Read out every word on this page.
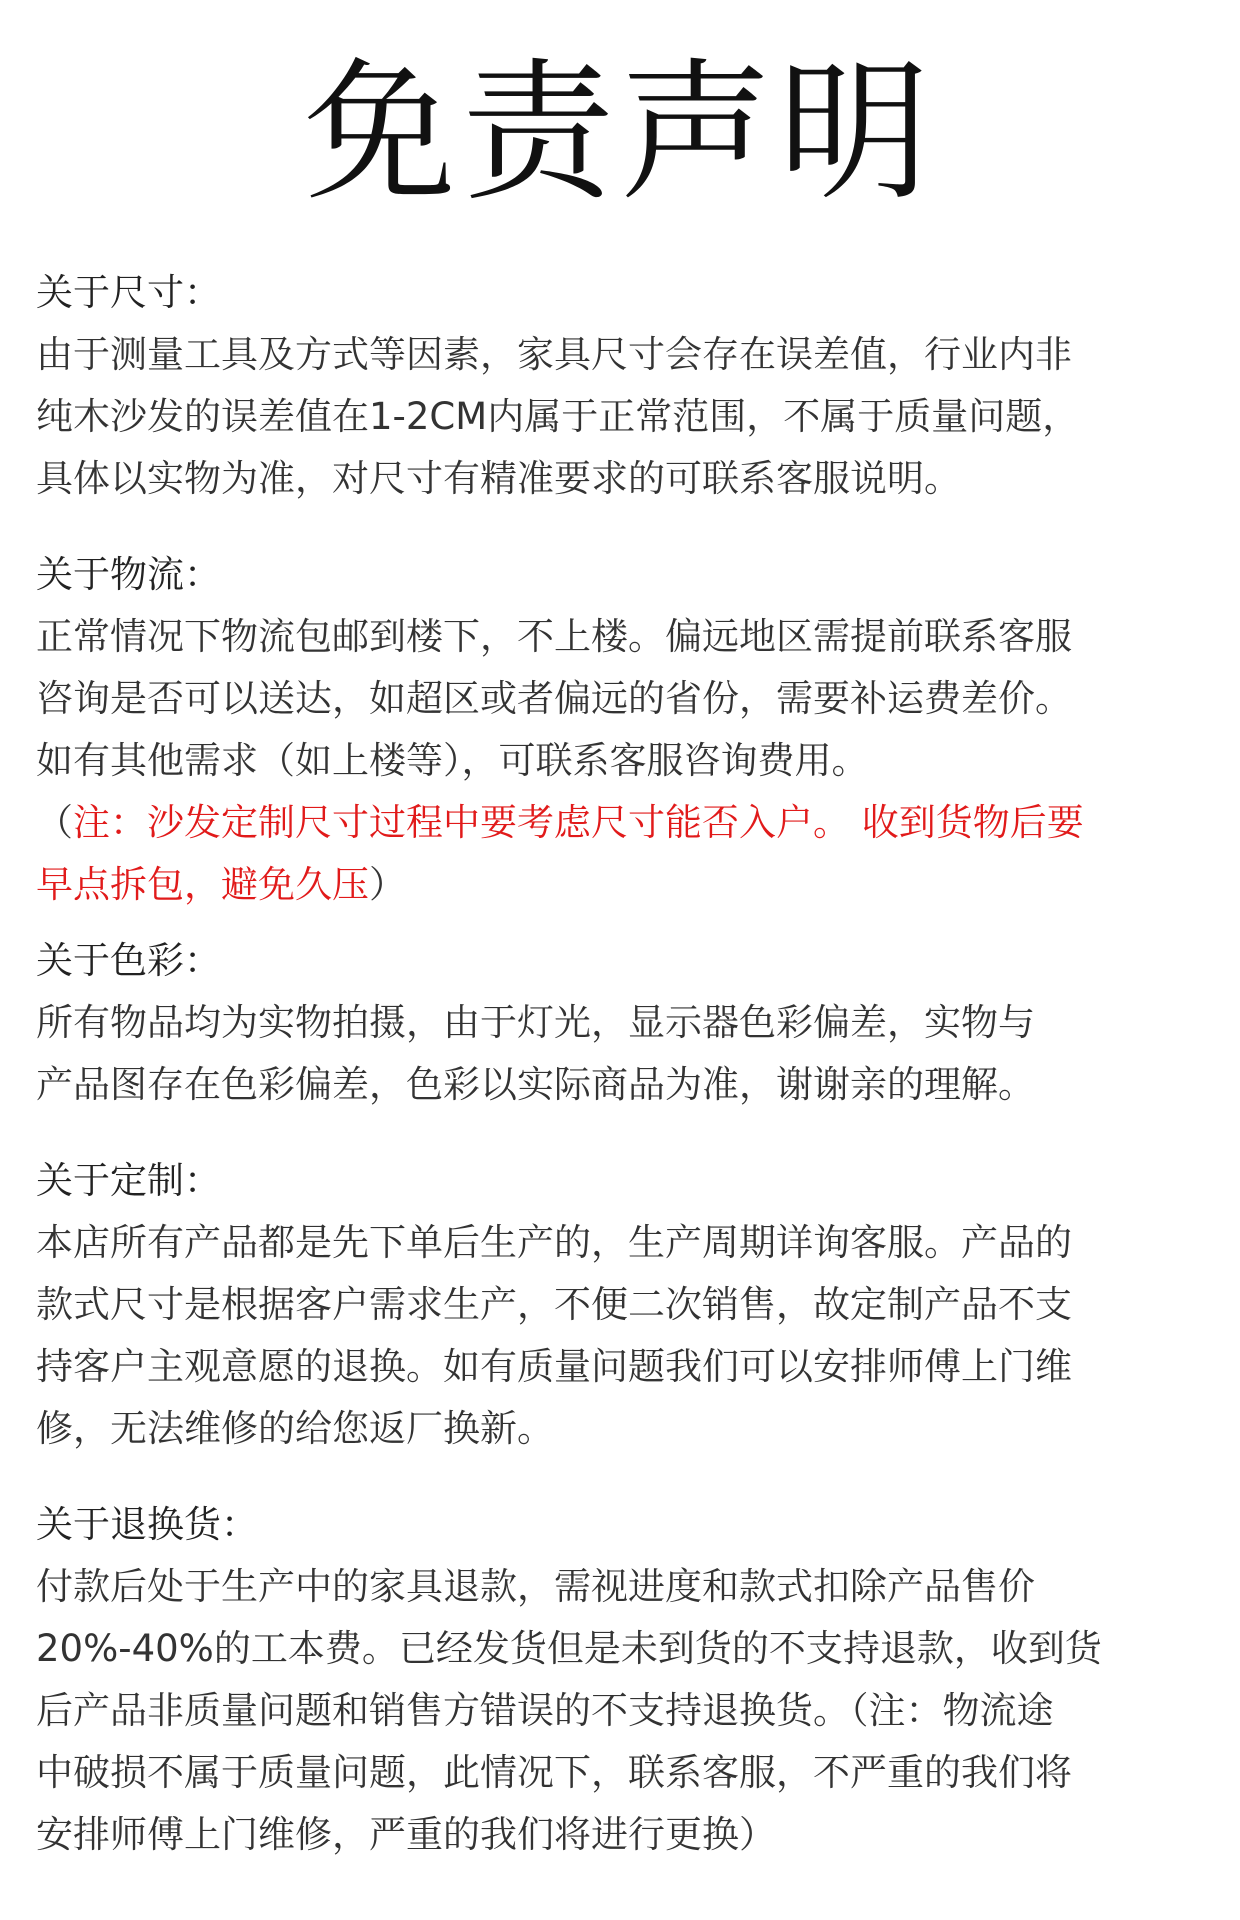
免责声明
关于尺寸：

由于测量工具及方式等因素，家具尺寸会存在误差值，行业内非
纯木沙发的误差值在1-2CM内属于正常范围，不属于质量问题，
具体以实物为准，对尺寸有精准要求的可联系客服说明。

关于物流：

正常情况下物流包邮到楼下，不上楼。偏远地区需提前联系客服
咨询是否可以送达，如超区或者偏远的省份，需要补运费差价。
如有其他需求（如上楼等），可联系客服咨询费用。

（注：沙发定制尺寸过程中要考虑尺寸能否入户。 收到货物后要
早点拆包，避免久压）

关于色彩：

所有物品均为实物拍摄，由于灯光，显示器色彩偏差，实物与
产品图存在色彩偏差，色彩以实际商品为准，谢谢亲的理解。

关于定制：

本店所有产品都是先下单后生产的，生产周期详询客服。产品的
款式尺寸是根据客户需求生产，不便二次销售，故定制产品不支
持客户主观意愿的退换。如有质量问题我们可以安排师傅上门维
修，无法维修的给您返厂换新。

关于退换货：

付款后处于生产中的家具退款，需视进度和款式扣除产品售价
20%-40%的工本费。已经发货但是未到货的不支持退款，收到货
后产品非质量问题和销售方错误的不支持退换货。（注：物流途
中破损不属于质量问题，此情况下，联系客服，不严重的我们将
安排师傅上门维修，严重的我们将进行更换）
